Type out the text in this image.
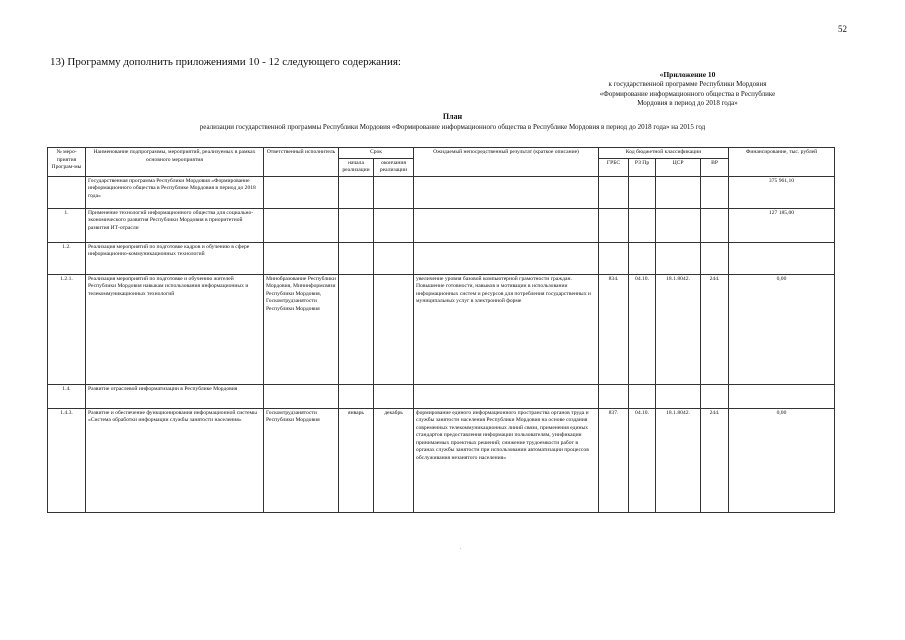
52
13) Программу дополнить приложениями 10 - 12 следующего содержания:
«Приложение 10
к государственной программе Республики Мордовия
«Формирование информационного общества в Республике
Мордовия в период до 2018 года»
План
реализации государственной программы Республики Мордовия «Формирование информационного общества в Республике Мордовия в период до 2018 года» на 2015 год
№ меро-приятия Програм-мы	Наименование подпрограммы, мероприятий, реализуемых в рамках основного мероприятия	Ответственный исполнитель	Срок		Ожидаемый непосредственный результат (краткое описание)	Код бюджетной классификации				Финансирование, тыс. рублей
			начала реализации	окончания реализации		ГРБС	РЗ Пр	ЦСР	ВР	
	Государственная программа Республики Мордовия «Формирование информационного общества в Республике Мордовия в период до 2018 года»									375 961,10
1.	Применение технологий информационного общества для социально-экономического развития Республики Мордовия в приоритетной развития ИТ-отрасли									127 185,00
1.2.	Реализация мероприятий по подготовке кадров и обучению в сфере информационно-коммуникационных технологий									
1.2.1.	Реализация мероприятий по подготовке и обучению жителей Республики Мордовия навыкам использования информационных и телекоммуникационных технологий	Минобразование Республики Мордовия, Мининформсвязи Республики Мордовия, Госкомтрудзанятости Республики Мордовия			увеличение уровня базовой компьютерной грамотности граждан. Повышение готовности, навыков и мотивации в использовании информационных систем и ресурсов для потребления государственных и муниципальных услуг в электронной форме	834.	04.10.	18.1.8042.	244.	0,00
1.4.	Развитие отраслевой информатизации в Республике Мордовия									
1.4.3.	Развитие и обеспечение функционирования информационной системы «Система обработки информации службы занятости населения»	Госкомтрудзанятости Республики Мордовия	январь	декабрь	формирование единого информационного пространства органов труда и службы занятости населения Республики Мордовия на основе создания современных телекоммуникационных линий связи, применения единых стандартов предоставления информации пользователям, унификации принимаемых проектных решений; снижение трудоемкости работ в органах службы занятости при использовании автоматизации процессов обслуживания незанятого населения»	837.	04.10.	18.1.8042.	244.	0,00
.
